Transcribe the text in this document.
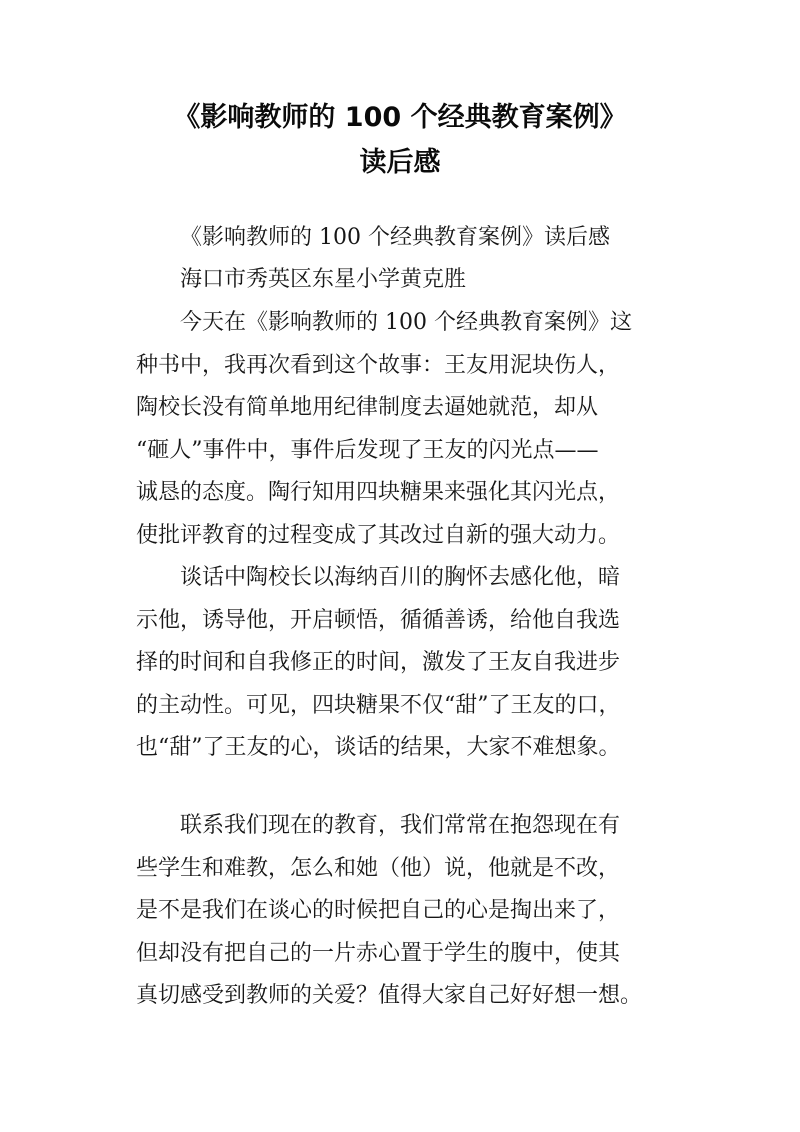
《影响教师的 100 个经典教育案例》
读后感
《影响教师的 100 个经典教育案例》读后感
海口市秀英区东星小学黄克胜
今天在《影响教师的 100 个经典教育案例》这
种书中，我再次看到这个故事：王友用泥块伤人，
陶校长没有简单地用纪律制度去逼她就范，却从
“砸人”事件中，事件后发现了王友的闪光点——
诚恳的态度。陶行知用四块糖果来强化其闪光点，
使批评教育的过程变成了其改过自新的强大动力。
谈话中陶校长以海纳百川的胸怀去感化他，暗
示他，诱导他，开启顿悟，循循善诱，给他自我选
择的时间和自我修正的时间，激发了王友自我进步
的主动性。可见，四块糖果不仅“甜”了王友的口，
也“甜”了王友的心，谈话的结果，大家不难想象。
联系我们现在的教育，我们常常在抱怨现在有
些学生和难教，怎么和她（他）说，他就是不改，
是不是我们在谈心的时候把自己的心是掏出来了，
但却没有把自己的一片赤心置于学生的腹中，使其
真切感受到教师的关爱？值得大家自己好好想一想。
